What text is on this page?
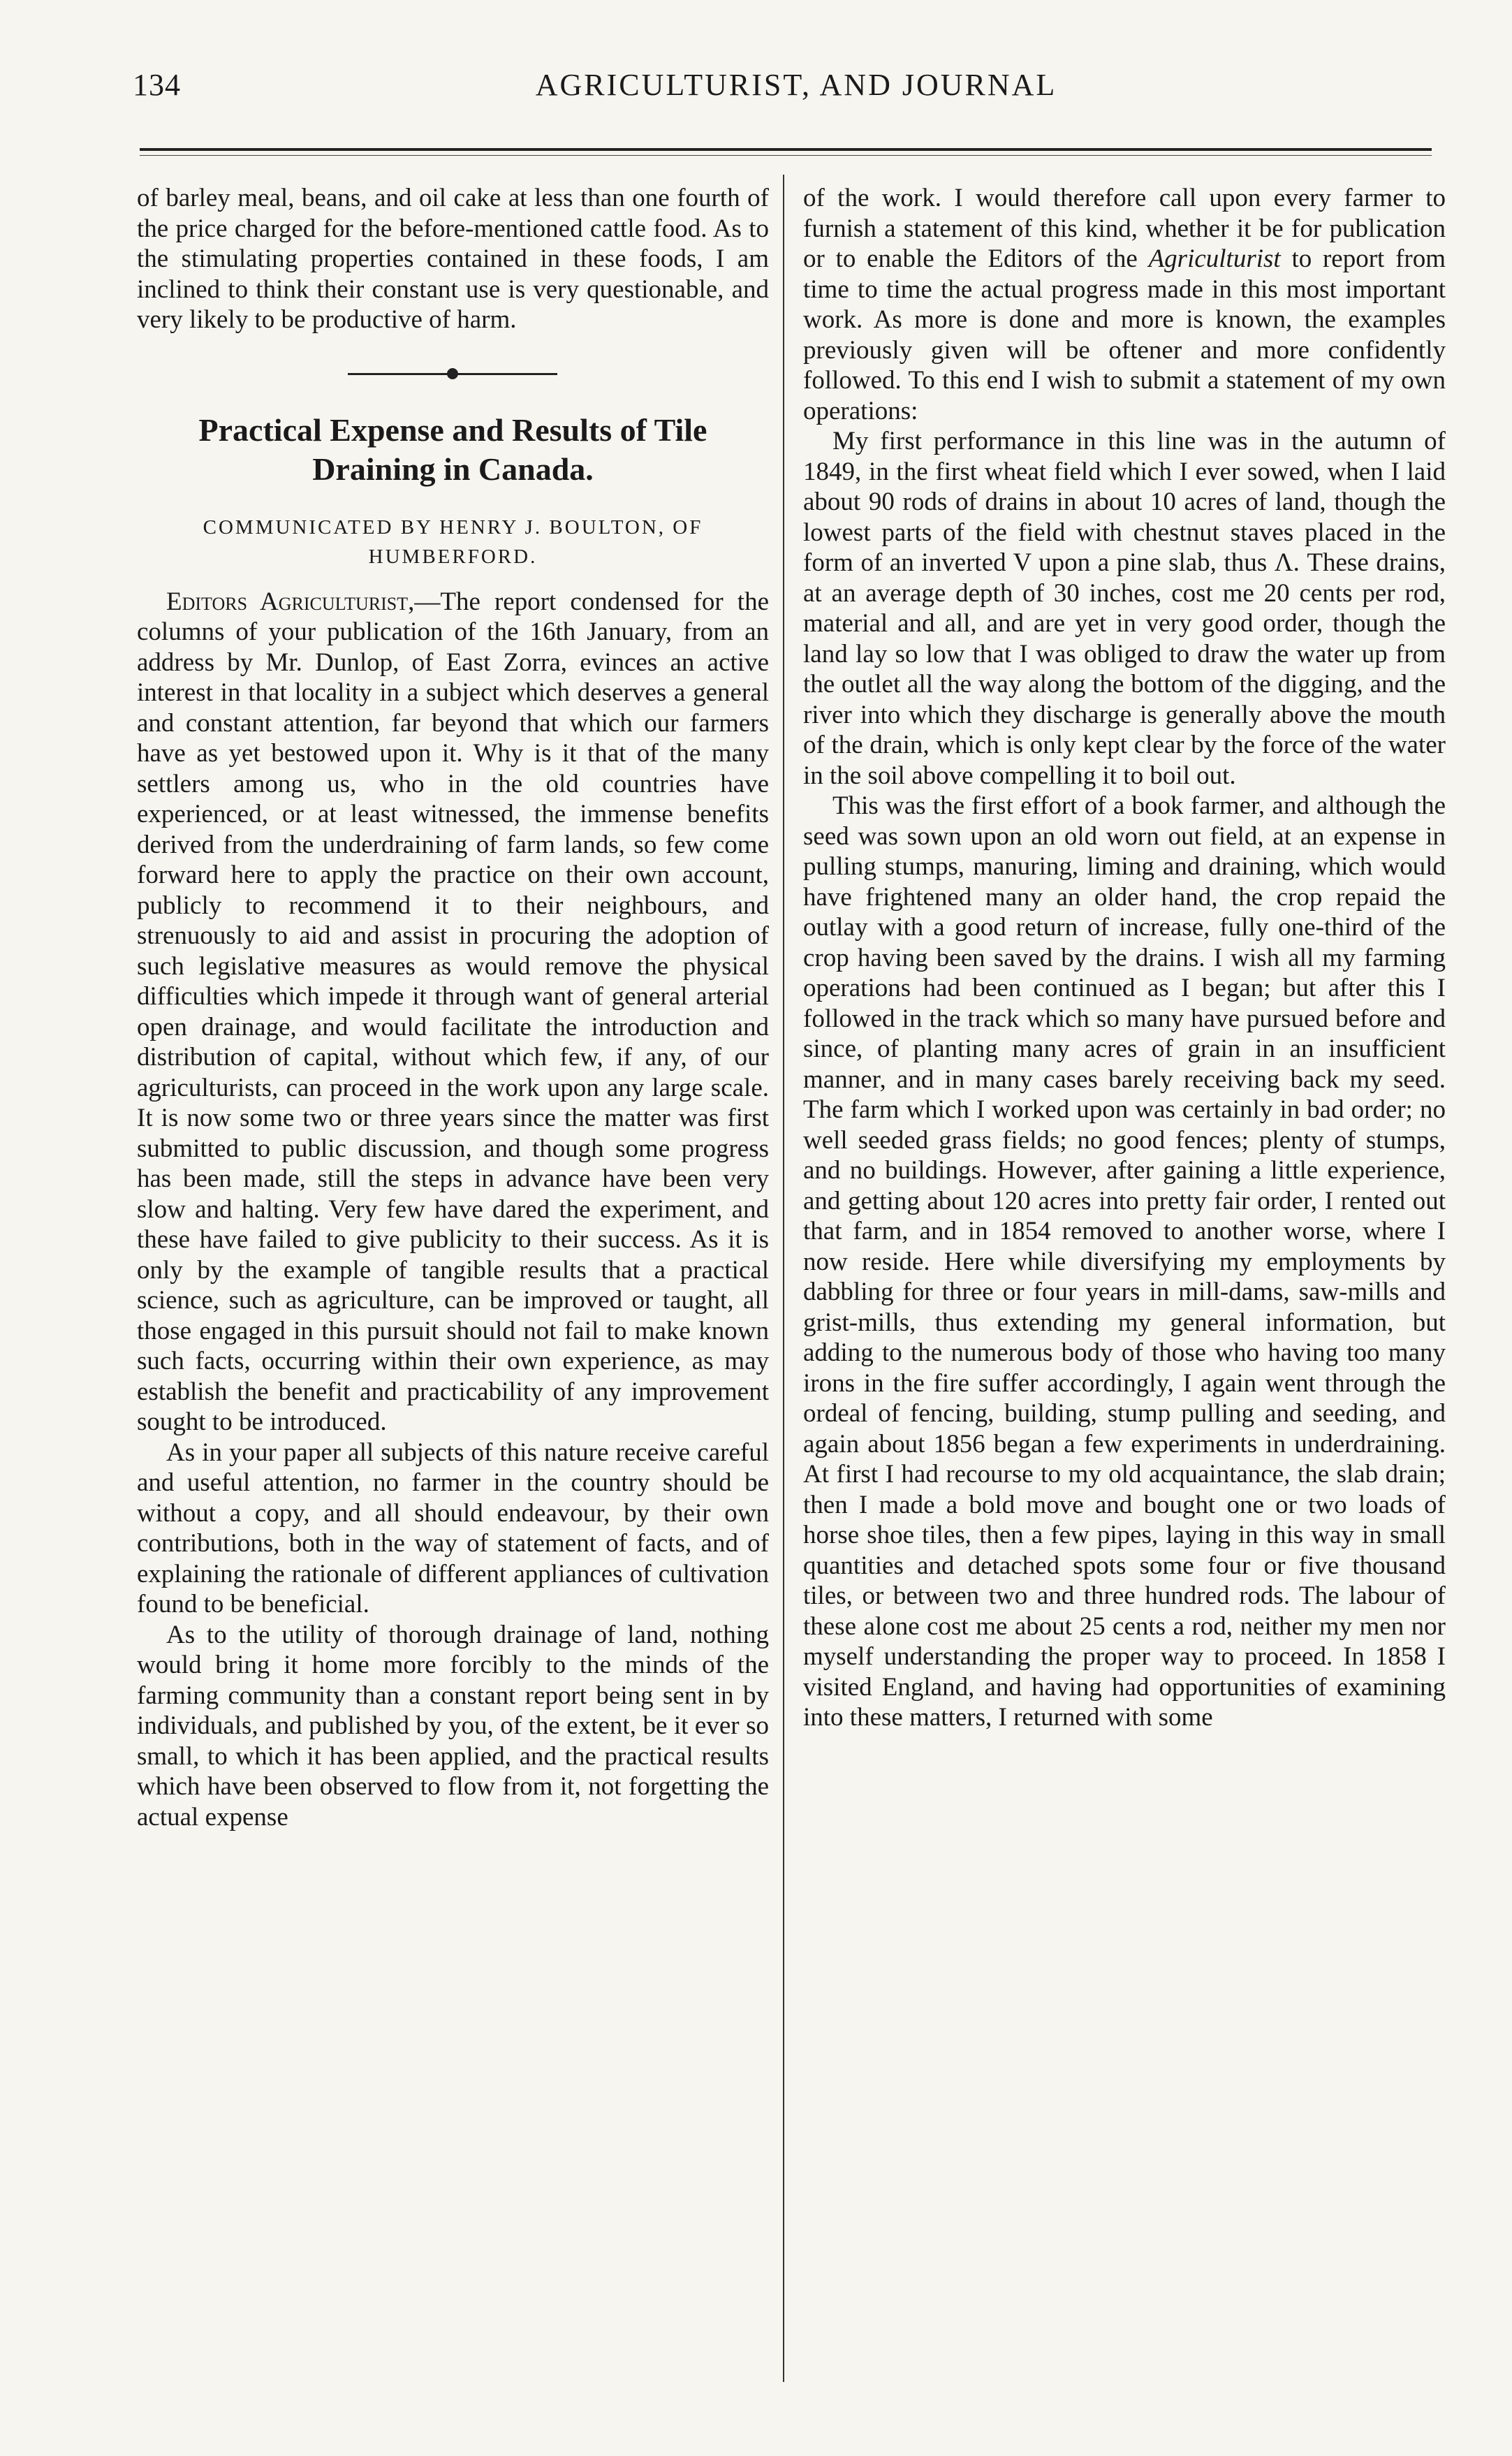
134	AGRICULTURIST, AND JOURNAL

of barley meal, beans, and oil cake at less than one fourth of the price charged for the before-mentioned cattle food. As to the stimulating properties contained in these foods, I am inclined to think their constant use is very questionable, and very likely to be productive of harm.

Practical Expense and Results of Tile Draining in Canada.
COMMUNICATED BY HENRY J. BOULTON, OF HUMBERFORD.

Editors Agriculturist,—The report condensed for the columns of your publication of the 16th January, from an address by Mr. Dunlop, of East Zorra, evinces an active interest in that locality in a subject which deserves a general and constant attention, far beyond that which our farmers have as yet bestowed upon it. Why is it that of the many settlers among us, who in the old countries have experienced, or at least witnessed, the immense benefits derived from the underdraining of farm lands, so few come forward here to apply the practice on their own account, publicly to recommend it to their neighbours, and strenuously to aid and assist in procuring the adoption of such legislative measures as would remove the physical difficulties which impede it through want of general arterial open drainage, and would facilitate the introduction and distribution of capital, without which few, if any, of our agriculturists, can proceed in the work upon any large scale. It is now some two or three years since the matter was first submitted to public discussion, and though some progress has been made, still the steps in advance have been very slow and halting. Very few have dared the experiment, and these have failed to give publicity to their success. As it is only by the example of tangible results that a practical science, such as agriculture, can be improved or taught, all those engaged in this pursuit should not fail to make known such facts, occurring within their own experience, as may establish the benefit and practicability of any improvement sought to be introduced.

As in your paper all subjects of this nature receive careful and useful attention, no farmer in the country should be without a copy, and all should endeavour, by their own contributions, both in the way of statement of facts, and of explaining the rationale of different appliances of cultivation found to be beneficial.

As to the utility of thorough drainage of land, nothing would bring it home more forcibly to the minds of the farming community than a constant report being sent in by individuals, and published by you, of the extent, be it ever so small, to which it has been applied, and the practical results which have been observed to flow from it, not forgetting the actual expense

of the work. I would therefore call upon every farmer to furnish a statement of this kind, whether it be for publication or to enable the Editors of the Agriculturist to report from time to time the actual progress made in this most important work. As more is done and more is known, the examples previously given will be oftener and more confidently followed. To this end I wish to submit a statement of my own operations:

My first performance in this line was in the autumn of 1849, in the first wheat field which I ever sowed, when I laid about 90 rods of drains in about 10 acres of land, though the lowest parts of the field with chestnut staves placed in the form of an inverted V upon a pine slab, thus Λ. These drains, at an average depth of 30 inches, cost me 20 cents per rod, material and all, and are yet in very good order, though the land lay so low that I was obliged to draw the water up from the outlet all the way along the bottom of the digging, and the river into which they discharge is generally above the mouth of the drain, which is only kept clear by the force of the water in the soil above compelling it to boil out.

This was the first effort of a book farmer, and although the seed was sown upon an old worn out field, at an expense in pulling stumps, manuring, liming and draining, which would have frightened many an older hand, the crop repaid the outlay with a good return of increase, fully one-third of the crop having been saved by the drains. I wish all my farming operations had been continued as I began; but after this I followed in the track which so many have pursued before and since, of planting many acres of grain in an insufficient manner, and in many cases barely receiving back my seed. The farm which I worked upon was certainly in bad order; no well seeded grass fields; no good fences; plenty of stumps, and no buildings. However, after gaining a little experience, and getting about 120 acres into pretty fair order, I rented out that farm, and in 1854 removed to another worse, where I now reside. Here while diversifying my employments by dabbling for three or four years in mill-dams, saw-mills and grist-mills, thus extending my general information, but adding to the numerous body of those who having too many irons in the fire suffer accordingly, I again went through the ordeal of fencing, building, stump pulling and seeding, and again about 1856 began a few experiments in underdraining. At first I had recourse to my old acquaintance, the slab drain; then I made a bold move and bought one or two loads of horse shoe tiles, then a few pipes, laying in this way in small quantities and detached spots some four or five thousand tiles, or between two and three hundred rods. The labour of these alone cost me about 25 cents a rod, neither my men nor myself understanding the proper way to proceed. In 1858 I visited England, and having had opportunities of examining into these matters, I returned with some
